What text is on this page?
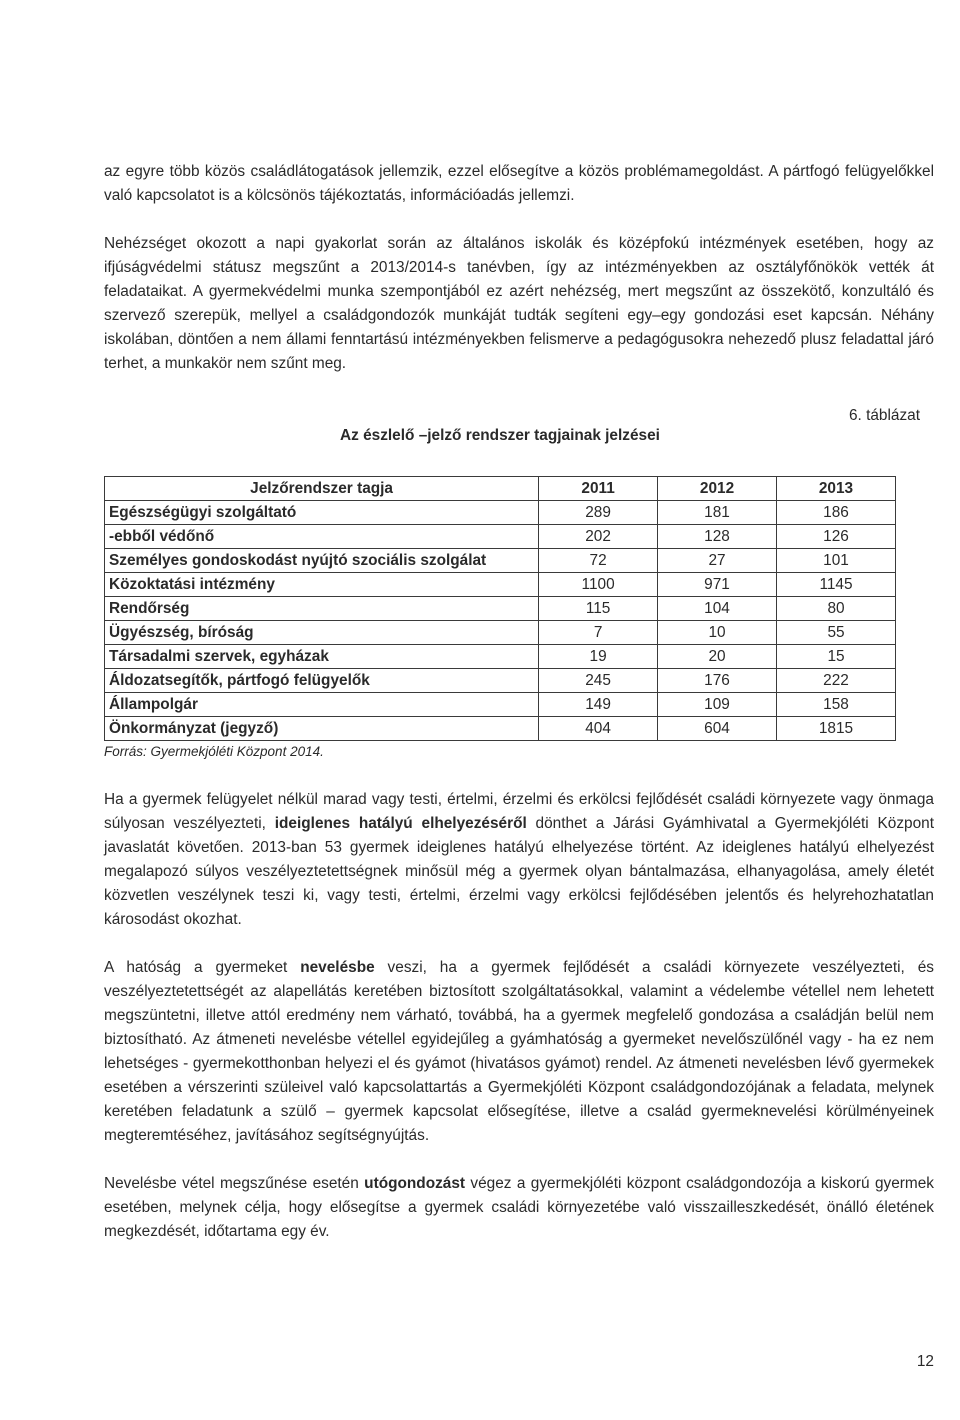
az egyre több közös családlátogatások jellemzik, ezzel elősegítve a közös problémamegoldást. A pártfogó felügyelőkkel való kapcsolatot is a kölcsönös tájékoztatás, információadás jellemzi.

Nehézséget okozott a napi gyakorlat során az általános iskolák és középfokú intézmények esetében, hogy az ifjúságvédelmi státusz megszűnt a 2013/2014-s tanévben, így az intézményekben az osztályfőnökök vették át feladataikat. A gyermekvédelmi munka szempontjából ez azért nehézség, mert megszűnt az összekötő, konzultáló és szervező szerepük, mellyel a családgondozók munkáját tudták segíteni egy–egy gondozási eset kapcsán. Néhány iskolában, döntően a nem állami fenntartású intézményekben felismerve a pedagógusokra nehezedő plusz feladattal járó terhet, a munkakör nem szűnt meg.

6. táblázat
Az észlelő –jelző rendszer tagjainak jelzései
Jelzőrendszer tagja	2011	2012	2013
Egészségügyi szolgáltató	289	181	186
-ebből védőnő	202	128	126
Személyes gondoskodást nyújtó szociális szolgálat	72	27	101
Közoktatási intézmény	1100	971	1145
Rendőrség	115	104	80
Ügyészség, bíróság	7	10	55
Társadalmi szervek, egyházak	19	20	15
Áldozatsegítők, pártfogó felügyelők	245	176	222
Állampolgár	149	109	158
Önkormányzat (jegyző)	404	604	1815
Forrás: Gyermekjóléti Központ 2014.

Ha a gyermek felügyelet nélkül marad vagy testi, értelmi, érzelmi és erkölcsi fejlődését családi környezete vagy önmaga súlyosan veszélyezteti, ideiglenes hatályú elhelyezéséről dönthet a Járási Gyámhivatal a Gyermekjóléti Központ javaslatát követően. 2013-ban 53 gyermek ideiglenes hatályú elhelyezése történt. Az ideiglenes hatályú elhelyezést megalapozó súlyos veszélyeztetettségnek minősül még a gyermek olyan bántalmazása, elhanyagolása, amely életét közvetlen veszélynek teszi ki, vagy testi, értelmi, érzelmi vagy erkölcsi fejlődésében jelentős és helyrehozhatatlan károsodást okozhat.

A hatóság a gyermeket nevelésbe veszi, ha a gyermek fejlődését a családi környezete veszélyezteti, és veszélyeztetettségét az alapellátás keretében biztosított szolgáltatásokkal, valamint a védelembe vétellel nem lehetett megszüntetni, illetve attól eredmény nem várható, továbbá, ha a gyermek megfelelő gondozása a családján belül nem biztosítható. Az átmeneti nevelésbe vétellel egyidejűleg a gyámhatóság a gyermeket nevelőszülőnél vagy - ha ez nem lehetséges - gyermekotthonban helyezi el és gyámot (hivatásos gyámot) rendel. Az átmeneti nevelésben lévő gyermekek esetében a vérszerinti szüleivel való kapcsolattartás a Gyermekjóléti Központ családgondozójának a feladata, melynek keretében feladatunk a szülő – gyermek kapcsolat elősegítése, illetve a család gyermeknevelési körülményeinek megteremtéséhez, javításához segítségnyújtás.

Nevelésbe vétel megszűnése esetén utógondozást végez a gyermekjóléti központ családgondozója a kiskorú gyermek esetében, melynek célja, hogy elősegítse a gyermek családi környezetébe való visszailleszkedését, önálló életének megkezdését, időtartama egy év.

12
